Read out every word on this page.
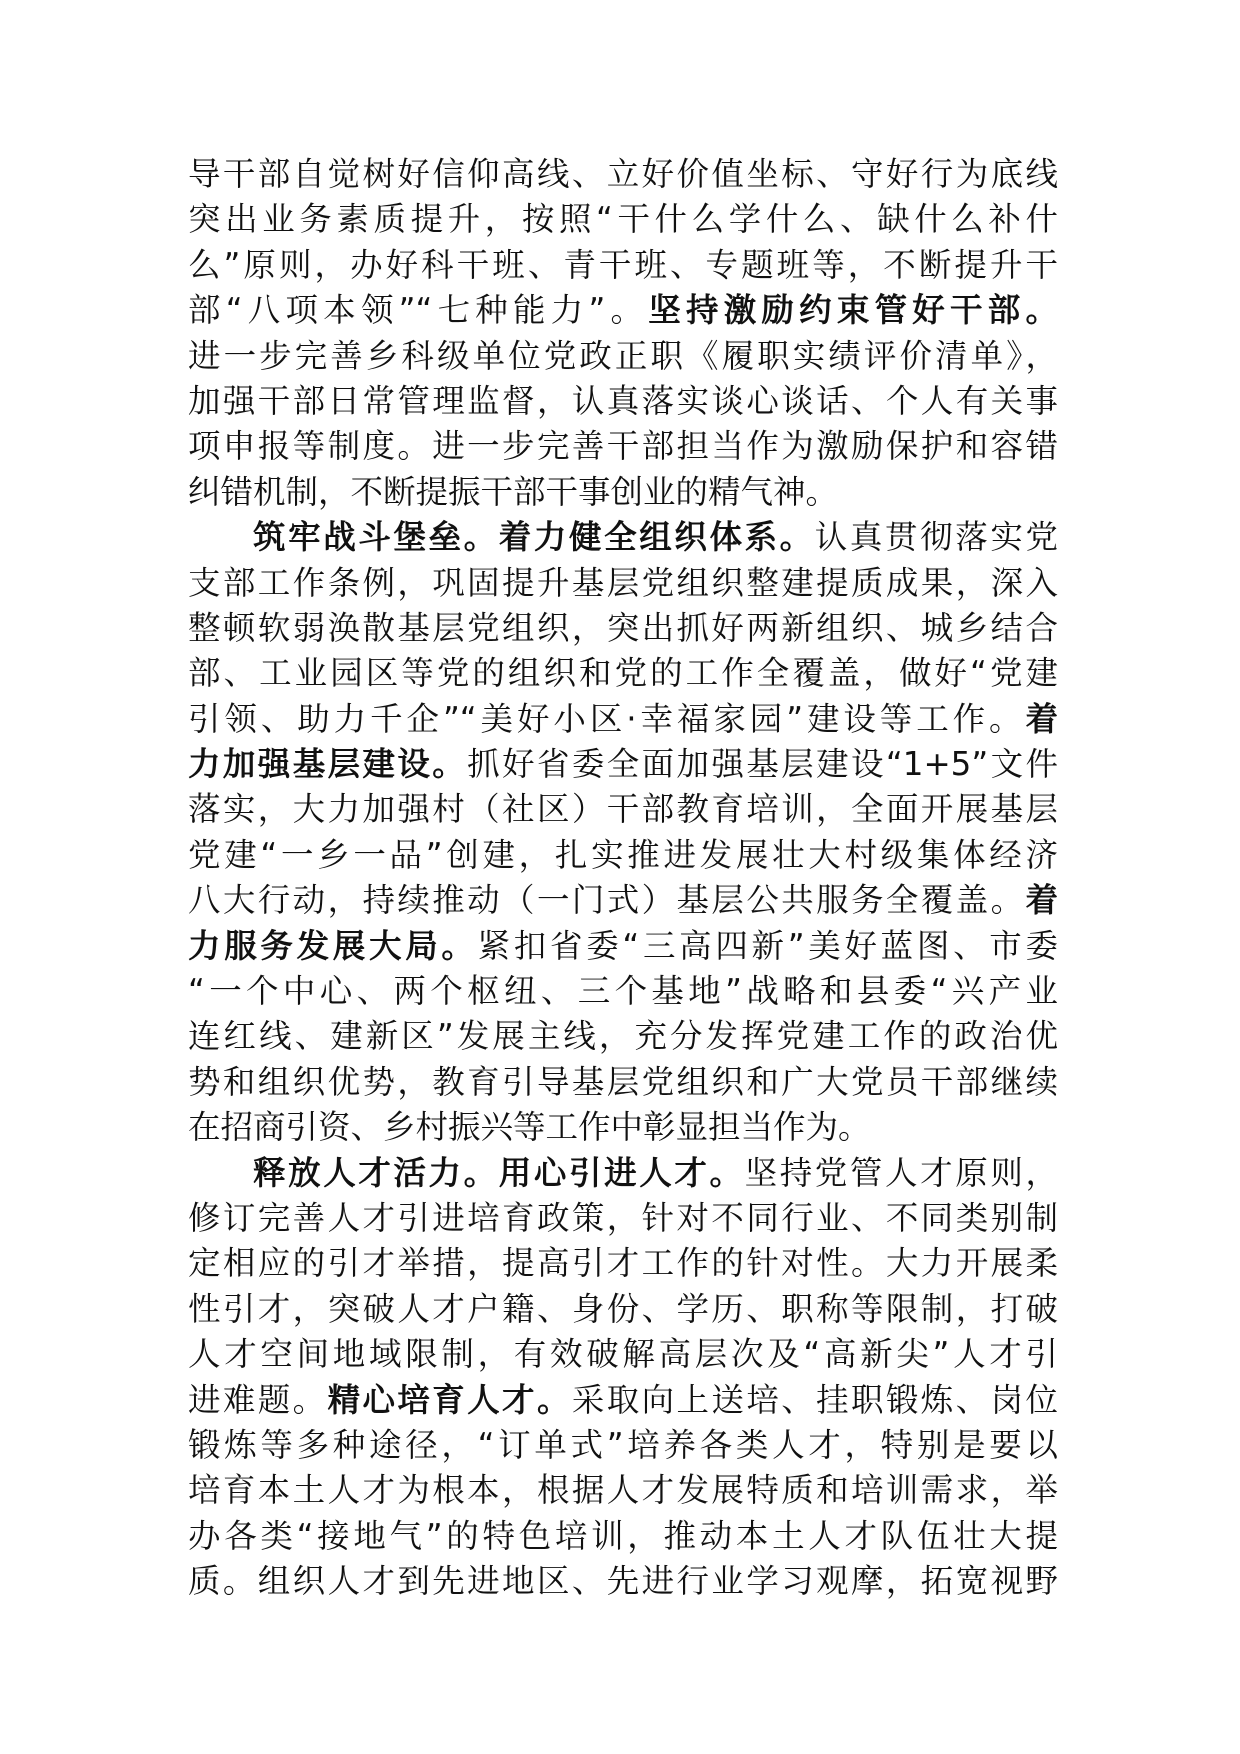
导干部自觉树好信仰高线、立好价值坐标、守好行为底线
突出业务素质提升，按照“干什么学什么、缺什么补什
么”原则，办好科干班、青干班、专题班等，不断提升干
部“八项本领”“七种能力”。坚持激励约束管好干部。
进一步完善乡科级单位党政正职《履职实绩评价清单》，
加强干部日常管理监督，认真落实谈心谈话、个人有关事
项申报等制度。进一步完善干部担当作为激励保护和容错
纠错机制，不断提振干部干事创业的精气神。
筑牢战斗堡垒。着力健全组织体系。认真贯彻落实党
支部工作条例，巩固提升基层党组织整建提质成果，深入
整顿软弱涣散基层党组织，突出抓好两新组织、城乡结合
部、工业园区等党的组织和党的工作全覆盖，做好“党建
引领、助力千企”“美好小区·幸福家园”建设等工作。着
力加强基层建设。抓好省委全面加强基层建设“1+5”文件
落实，大力加强村（社区）干部教育培训，全面开展基层
党建“一乡一品”创建，扎实推进发展壮大村级集体经济
八大行动，持续推动（一门式）基层公共服务全覆盖。着
力服务发展大局。紧扣省委“三高四新”美好蓝图、市委
“一个中心、两个枢纽、三个基地”战略和县委“兴产业
连红线、建新区”发展主线，充分发挥党建工作的政治优
势和组织优势，教育引导基层党组织和广大党员干部继续
在招商引资、乡村振兴等工作中彰显担当作为。
释放人才活力。用心引进人才。坚持党管人才原则，
修订完善人才引进培育政策，针对不同行业、不同类别制
定相应的引才举措，提高引才工作的针对性。大力开展柔
性引才，突破人才户籍、身份、学历、职称等限制，打破
人才空间地域限制，有效破解高层次及“高新尖”人才引
进难题。精心培育人才。采取向上送培、挂职锻炼、岗位
锻炼等多种途径，“订单式”培养各类人才，特别是要以
培育本土人才为根本，根据人才发展特质和培训需求，举
办各类“接地气”的特色培训，推动本土人才队伍壮大提
质。组织人才到先进地区、先进行业学习观摩，拓宽视野
